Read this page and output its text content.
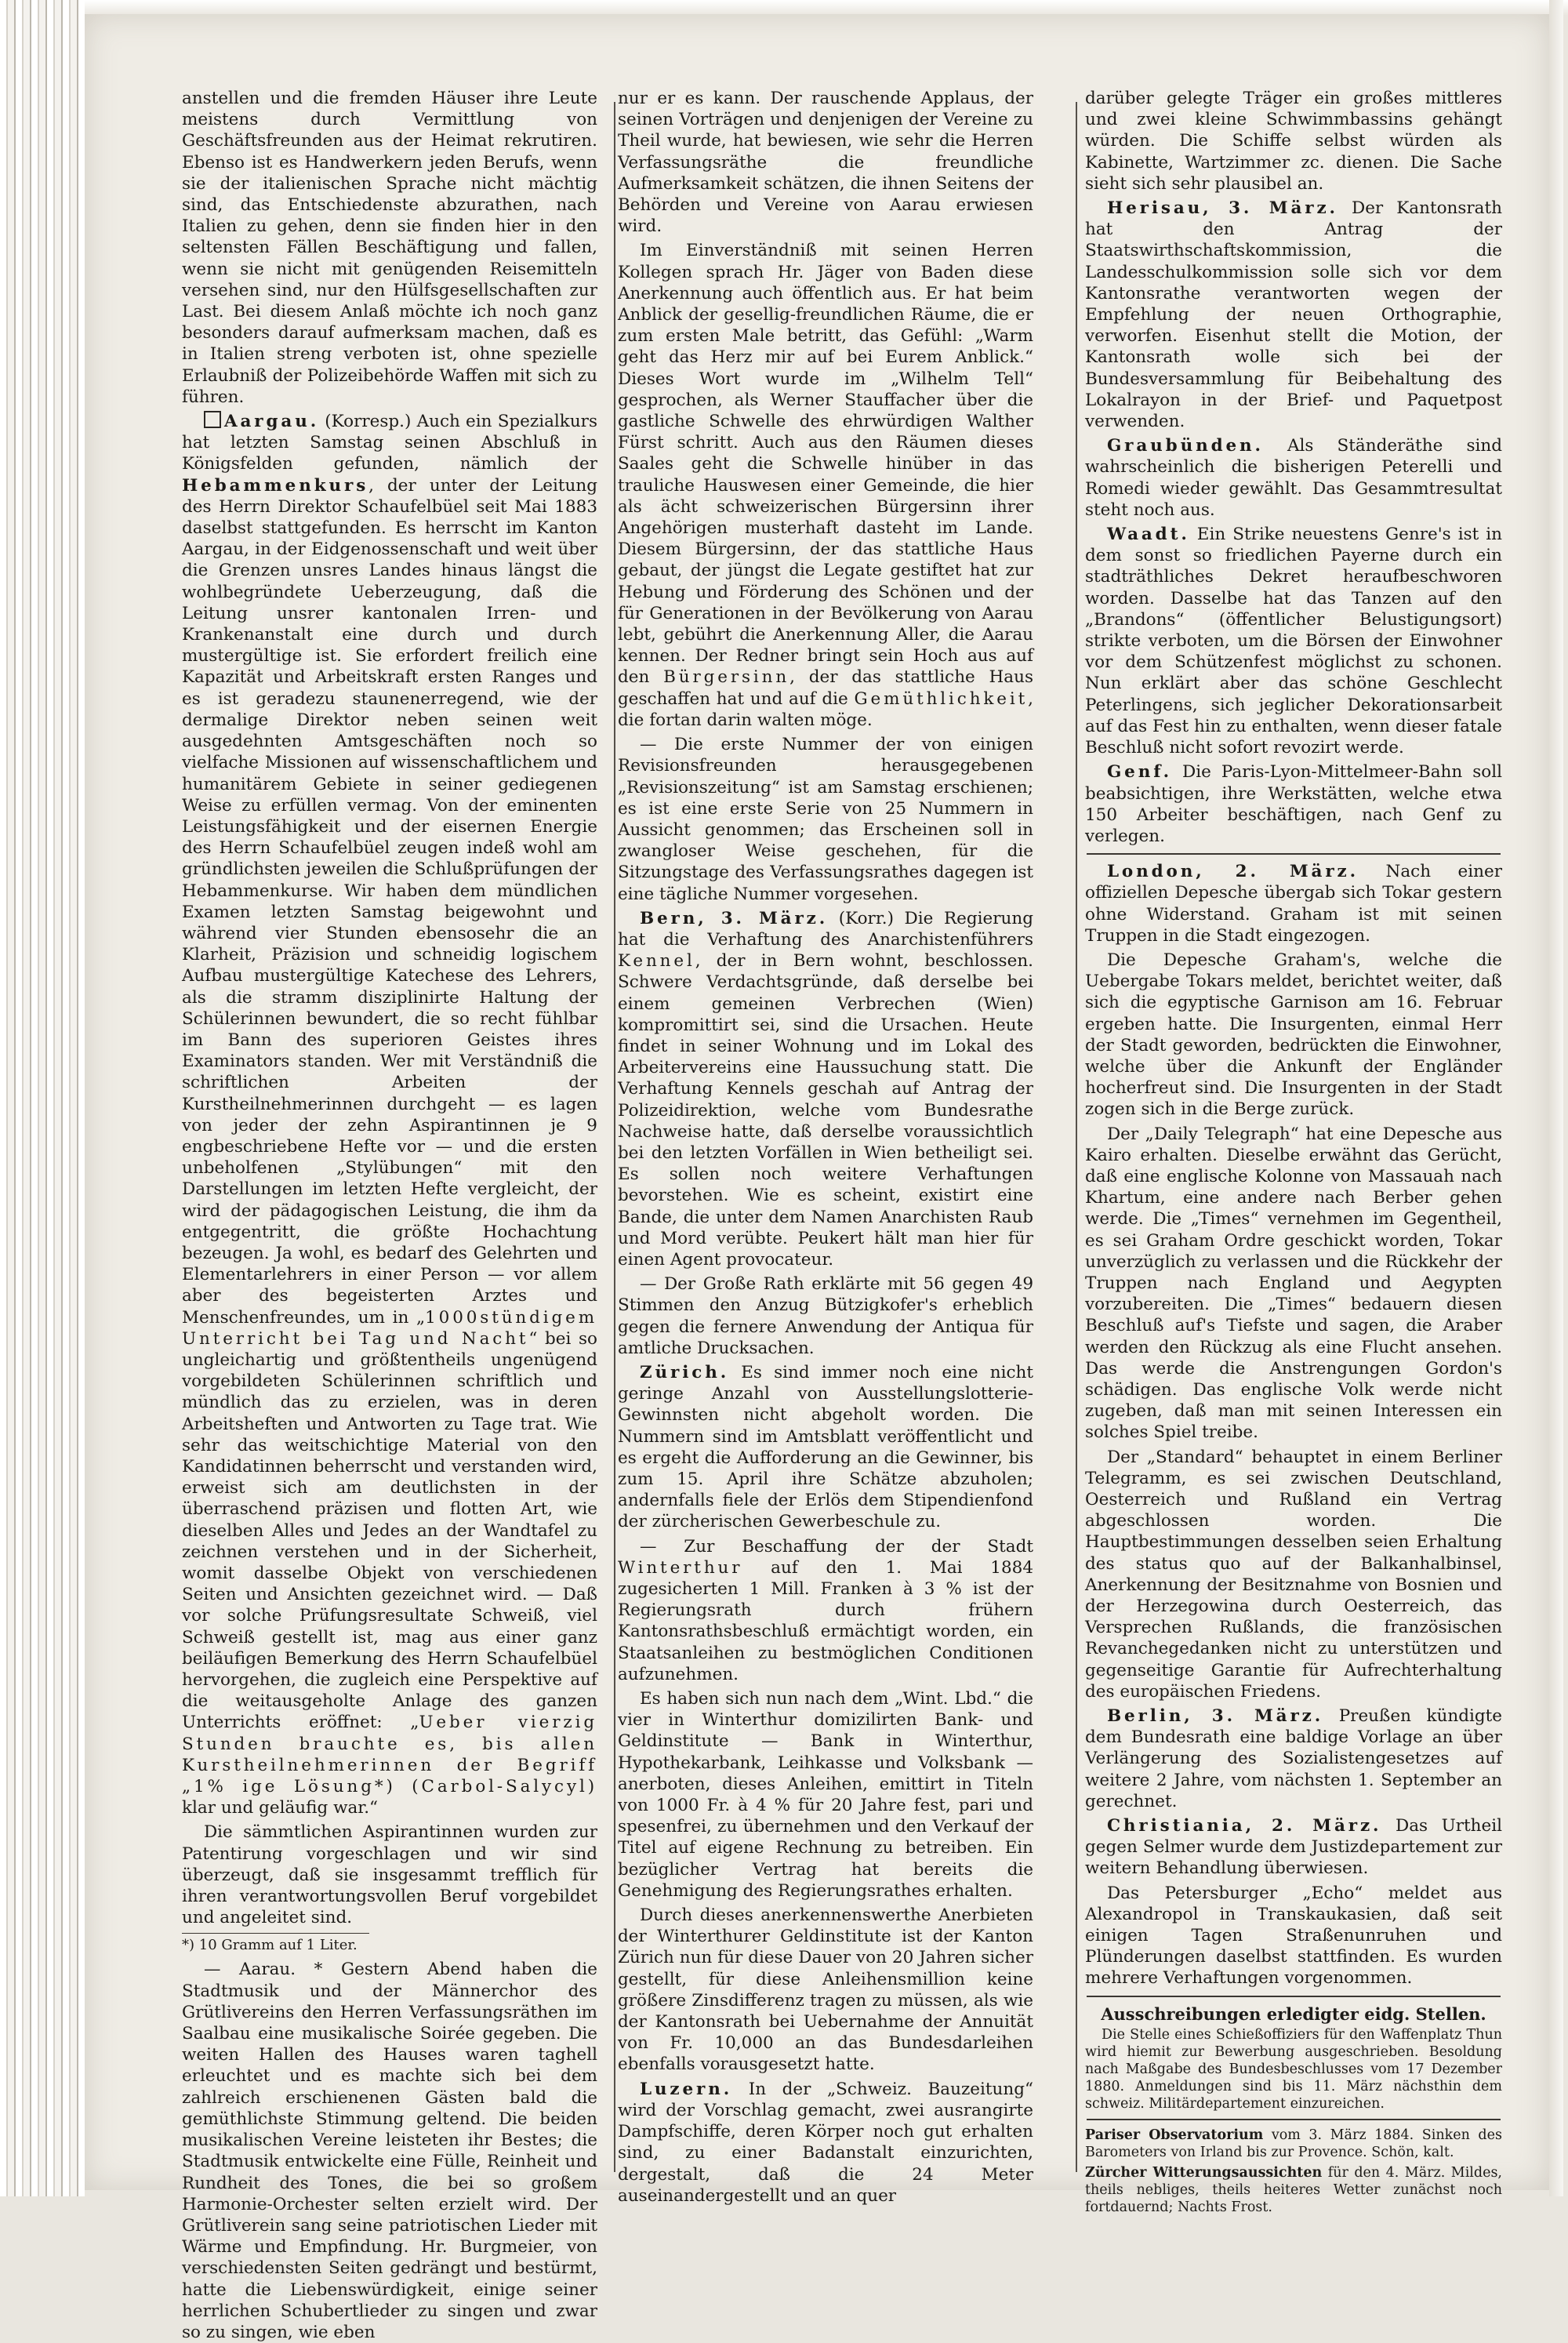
anstellen und die fremden Häuser ihre Leute meistens durch Vermittlung von Geschäftsfreunden aus der Heimat rekrutiren. Ebenso ist es Handwerkern jeden Berufs, wenn sie der italienischen Sprache nicht mächtig sind, das Entschiedenste abzurathen, nach Italien zu gehen, denn sie finden hier in den seltensten Fällen Beschäftigung und fallen, wenn sie nicht mit genügenden Reisemitteln versehen sind, nur den Hülfsgesellschaften zur Last. Bei diesem Anlaß möchte ich noch ganz besonders darauf aufmerksam machen, daß es in Italien streng verboten ist, ohne spezielle Erlaubniß der Polizeibehörde Waffen mit sich zu führen.

Aargau. (Korresp.) Auch ein Spezialkurs hat letzten Samstag seinen Abschluß in Königsfelden gefunden, nämlich der Hebammenkurs, der unter der Leitung des Herrn Direktor Schaufelbüel seit Mai 1883 daselbst stattgefunden. Es herrscht im Kanton Aargau, in der Eidgenossenschaft und weit über die Grenzen unsres Landes hinaus längst die wohlbegründete Ueberzeugung, daß die Leitung unsrer kantonalen Irren- und Krankenanstalt eine durch und durch mustergültige ist. Sie erfordert freilich eine Kapazität und Arbeitskraft ersten Ranges und es ist geradezu staunenerregend, wie der dermalige Direktor neben seinen weit ausgedehnten Amtsgeschäften noch so vielfache Missionen auf wissenschaftlichem und humanitärem Gebiete in seiner gediegenen Weise zu erfüllen vermag. Von der eminenten Leistungsfähigkeit und der eisernen Energie des Herrn Schaufelbüel zeugen indeß wohl am gründlichsten jeweilen die Schlußprüfungen der Hebammenkurse. Wir haben dem mündlichen Examen letzten Samstag beigewohnt und während vier Stunden ebensosehr die an Klarheit, Präzision und schneidig logischem Aufbau mustergültige Katechese des Lehrers, als die stramm disziplinirte Haltung der Schülerinnen bewundert, die so recht fühlbar im Bann des superioren Geistes ihres Examinators standen. Wer mit Verständniß die schriftlichen Arbeiten der Kurstheilnehmerinnen durchgeht — es lagen von jeder der zehn Aspirantinnen je 9 engbeschriebene Hefte vor — und die ersten unbeholfenen „Stylübungen“ mit den Darstellungen im letzten Hefte vergleicht, der wird der pädagogischen Leistung, die ihm da entgegentritt, die größte Hochachtung bezeugen. Ja wohl, es bedarf des Gelehrten und Elementarlehrers in einer Person — vor allem aber des begeisterten Arztes und Menschenfreundes, um in „1000stündigem Unterricht bei Tag und Nacht“ bei so ungleichartig und größtentheils ungenügend vorgebildeten Schülerinnen schriftlich und mündlich das zu erzielen, was in deren Arbeitsheften und Antworten zu Tage trat. Wie sehr das weitschichtige Material von den Kandidatinnen beherrscht und verstanden wird, erweist sich am deutlichsten in der überraschend präzisen und flotten Art, wie dieselben Alles und Jedes an der Wandtafel zu zeichnen verstehen und in der Sicherheit, womit dasselbe Objekt von verschiedenen Seiten und Ansichten gezeichnet wird. — Daß vor solche Prüfungsresultate Schweiß, viel Schweiß gestellt ist, mag aus einer ganz beiläufigen Bemerkung des Herrn Schaufelbüel hervorgehen, die zugleich eine Perspektive auf die weitausgeholte Anlage des ganzen Unterrichts eröffnet: „Ueber vierzig Stunden brauchte es, bis allen Kurstheilnehmerinnen der Begriff „1% ige Lösung*) (Carbol-Salycyl) klar und geläufig war.“

Die sämmtlichen Aspirantinnen wurden zur Patentirung vorgeschlagen und wir sind überzeugt, daß sie insgesammt trefflich für ihren verantwortungsvollen Beruf vorgebildet und angeleitet sind.

*) 10 Gramm auf 1 Liter.

— Aarau. * Gestern Abend haben die Stadtmusik und der Männerchor des Grütlivereins den Herren Verfassungsräthen im Saalbau eine musikalische Soirée gegeben. Die weiten Hallen des Hauses waren taghell erleuchtet und es machte sich bei dem zahlreich erschienenen Gästen bald die gemüthlichste Stimmung geltend. Die beiden musikalischen Vereine leisteten ihr Bestes; die Stadtmusik entwickelte eine Fülle, Reinheit und Rundheit des Tones, die bei so großem Harmonie-Orchester selten erzielt wird. Der Grütliverein sang seine patriotischen Lieder mit Wärme und Empfindung. Hr. Burgmeier, von verschiedensten Seiten gedrängt und bestürmt, hatte die Liebenswürdigkeit, einige seiner herrlichen Schubertlieder zu singen und zwar so zu singen, wie eben

nur er es kann. Der rauschende Applaus, der seinen Vorträgen und denjenigen der Vereine zu Theil wurde, hat bewiesen, wie sehr die Herren Verfassungsräthe die freundliche Aufmerksamkeit schätzen, die ihnen Seitens der Behörden und Vereine von Aarau erwiesen wird.

Im Einverständniß mit seinen Herren Kollegen sprach Hr. Jäger von Baden diese Anerkennung auch öffentlich aus. Er hat beim Anblick der gesellig-freundlichen Räume, die er zum ersten Male betritt, das Gefühl: „Warm geht das Herz mir auf bei Eurem Anblick.“ Dieses Wort wurde im „Wilhelm Tell“ gesprochen, als Werner Stauffacher über die gastliche Schwelle des ehrwürdigen Walther Fürst schritt. Auch aus den Räumen dieses Saales geht die Schwelle hinüber in das trauliche Hauswesen einer Gemeinde, die hier als ächt schweizerischen Bürgersinn ihrer Angehörigen musterhaft dasteht im Lande. Diesem Bürgersinn, der das stattliche Haus gebaut, der jüngst die Legate gestiftet hat zur Hebung und Förderung des Schönen und der für Generationen in der Bevölkerung von Aarau lebt, gebührt die Anerkennung Aller, die Aarau kennen. Der Redner bringt sein Hoch aus auf den Bürgersinn, der das stattliche Haus geschaffen hat und auf die Gemüthlichkeit, die fortan darin walten möge.

— Die erste Nummer der von einigen Revisionsfreunden herausgegebenen „Revisionszeitung“ ist am Samstag erschienen; es ist eine erste Serie von 25 Nummern in Aussicht genommen; das Erscheinen soll in zwangloser Weise geschehen, für die Sitzungstage des Verfassungsrathes dagegen ist eine tägliche Nummer vorgesehen.

Bern, 3. März. (Korr.) Die Regierung hat die Verhaftung des Anarchistenführers Kennel, der in Bern wohnt, beschlossen. Schwere Verdachtsgründe, daß derselbe bei einem gemeinen Verbrechen (Wien) kompromittirt sei, sind die Ursachen. Heute findet in seiner Wohnung und im Lokal des Arbeitervereins eine Haussuchung statt. Die Verhaftung Kennels geschah auf Antrag der Polizeidirektion, welche vom Bundesrathe Nachweise hatte, daß derselbe voraussichtlich bei den letzten Vorfällen in Wien betheiligt sei. Es sollen noch weitere Verhaftungen bevorstehen. Wie es scheint, existirt eine Bande, die unter dem Namen Anarchisten Raub und Mord verübte. Peukert hält man hier für einen Agent provocateur.

— Der Große Rath erklärte mit 56 gegen 49 Stimmen den Anzug Bützigkofer's erheblich gegen die fernere Anwendung der Antiqua für amtliche Drucksachen.

Zürich. Es sind immer noch eine nicht geringe Anzahl von Ausstellungslotterie-Gewinnsten nicht abgeholt worden. Die Nummern sind im Amtsblatt veröffentlicht und es ergeht die Aufforderung an die Gewinner, bis zum 15. April ihre Schätze abzuholen; andernfalls fiele der Erlös dem Stipendienfond der zürcherischen Gewerbeschule zu.

— Zur Beschaffung der der Stadt Winterthur auf den 1. Mai 1884 zugesicherten 1 Mill. Franken à 3 % ist der Regierungsrath durch frühern Kantonsrathsbeschluß ermächtigt worden, ein Staatsanleihen zu bestmöglichen Conditionen aufzunehmen.

Es haben sich nun nach dem „Wint. Lbd.“ die vier in Winterthur domizilirten Bank- und Geldinstitute — Bank in Winterthur, Hypothekarbank, Leihkasse und Volksbank — anerboten, dieses Anleihen, emittirt in Titeln von 1000 Fr. à 4 % für 20 Jahre fest, pari und spesenfrei, zu übernehmen und den Verkauf der Titel auf eigene Rechnung zu betreiben. Ein bezüglicher Vertrag hat bereits die Genehmigung des Regierungsrathes erhalten.

Durch dieses anerkennenswerthe Anerbieten der Winterthurer Geldinstitute ist der Kanton Zürich nun für diese Dauer von 20 Jahren sicher gestellt, für diese Anleihensmillion keine größere Zinsdifferenz tragen zu müssen, als wie der Kantonsrath bei Uebernahme der Annuität von Fr. 10,000 an das Bundesdarleihen ebenfalls vorausgesetzt hatte.

Luzern. In der „Schweiz. Bauzeitung“ wird der Vorschlag gemacht, zwei ausrangirte Dampfschiffe, deren Körper noch gut erhalten sind, zu einer Badanstalt einzurichten, dergestalt, daß die 24 Meter auseinandergestellt und an quer

darüber gelegte Träger ein großes mittleres und zwei kleine Schwimmbassins gehängt würden. Die Schiffe selbst würden als Kabinette, Wartzimmer zc. dienen. Die Sache sieht sich sehr plausibel an.

Herisau, 3. März. Der Kantonsrath hat den Antrag der Staatswirthschaftskommission, die Landesschulkommission solle sich vor dem Kantonsrathe verantworten wegen der Empfehlung der neuen Orthographie, verworfen. Eisenhut stellt die Motion, der Kantonsrath wolle sich bei der Bundesversammlung für Beibehaltung des Lokalrayon in der Brief- und Paquetpost verwenden.

Graubünden. Als Ständeräthe sind wahrscheinlich die bisherigen Peterelli und Romedi wieder gewählt. Das Gesammtresultat steht noch aus.

Waadt. Ein Strike neuestens Genre's ist in dem sonst so friedlichen Payerne durch ein stadträthliches Dekret heraufbeschworen worden. Dasselbe hat das Tanzen auf den „Brandons“ (öffentlicher Belustigungsort) strikte verboten, um die Börsen der Einwohner vor dem Schützenfest möglichst zu schonen. Nun erklärt aber das schöne Geschlecht Peterlingens, sich jeglicher Dekorationsarbeit auf das Fest hin zu enthalten, wenn dieser fatale Beschluß nicht sofort revozirt werde.

Genf. Die Paris-Lyon-Mittelmeer-Bahn soll beabsichtigen, ihre Werkstätten, welche etwa 150 Arbeiter beschäftigen, nach Genf zu verlegen.

London, 2. März. Nach einer offiziellen Depesche übergab sich Tokar gestern ohne Widerstand. Graham ist mit seinen Truppen in die Stadt eingezogen.

Die Depesche Graham's, welche die Uebergabe Tokars meldet, berichtet weiter, daß sich die egyptische Garnison am 16. Februar ergeben hatte. Die Insurgenten, einmal Herr der Stadt geworden, bedrückten die Einwohner, welche über die Ankunft der Engländer hocherfreut sind. Die Insurgenten in der Stadt zogen sich in die Berge zurück.

Der „Daily Telegraph“ hat eine Depesche aus Kairo erhalten. Dieselbe erwähnt das Gerücht, daß eine englische Kolonne von Massauah nach Khartum, eine andere nach Berber gehen werde. Die „Times“ vernehmen im Gegentheil, es sei Graham Ordre geschickt worden, Tokar unverzüglich zu verlassen und die Rückkehr der Truppen nach England und Aegypten vorzubereiten. Die „Times“ bedauern diesen Beschluß auf's Tiefste und sagen, die Araber werden den Rückzug als eine Flucht ansehen. Das werde die Anstrengungen Gordon's schädigen. Das englische Volk werde nicht zugeben, daß man mit seinen Interessen ein solches Spiel treibe.

Der „Standard“ behauptet in einem Berliner Telegramm, es sei zwischen Deutschland, Oesterreich und Rußland ein Vertrag abgeschlossen worden. Die Hauptbestimmungen desselben seien Erhaltung des status quo auf der Balkanhalbinsel, Anerkennung der Besitznahme von Bosnien und der Herzegowina durch Oesterreich, das Versprechen Rußlands, die französischen Revanchegedanken nicht zu unterstützen und gegenseitige Garantie für Aufrechterhaltung des europäischen Friedens.

Berlin, 3. März. Preußen kündigte dem Bundesrath eine baldige Vorlage an über Verlängerung des Sozialistengesetzes auf weitere 2 Jahre, vom nächsten 1. September an gerechnet.

Christiania, 2. März. Das Urtheil gegen Selmer wurde dem Justizdepartement zur weitern Behandlung überwiesen.

Das Petersburger „Echo“ meldet aus Alexandropol in Transkaukasien, daß seit einigen Tagen Straßenunruhen und Plünderungen daselbst stattfinden. Es wurden mehrere Verhaftungen vorgenommen.

Ausschreibungen erledigter eidg. Stellen.

Die Stelle eines Schießoffiziers für den Waffenplatz Thun wird hiemit zur Bewerbung ausgeschrieben. Besoldung nach Maßgabe des Bundesbeschlusses vom 17 Dezember 1880. Anmeldungen sind bis 11. März nächsthin dem schweiz. Militärdepartement einzureichen.

Pariser Observatorium vom 3. März 1884. Sinken des Barometers von Irland bis zur Provence. Schön, kalt.

Zürcher Witterungsaussichten für den 4. März. Mildes, theils nebliges, theils heiteres Wetter zunächst noch fortdauernd; Nachts Frost.
